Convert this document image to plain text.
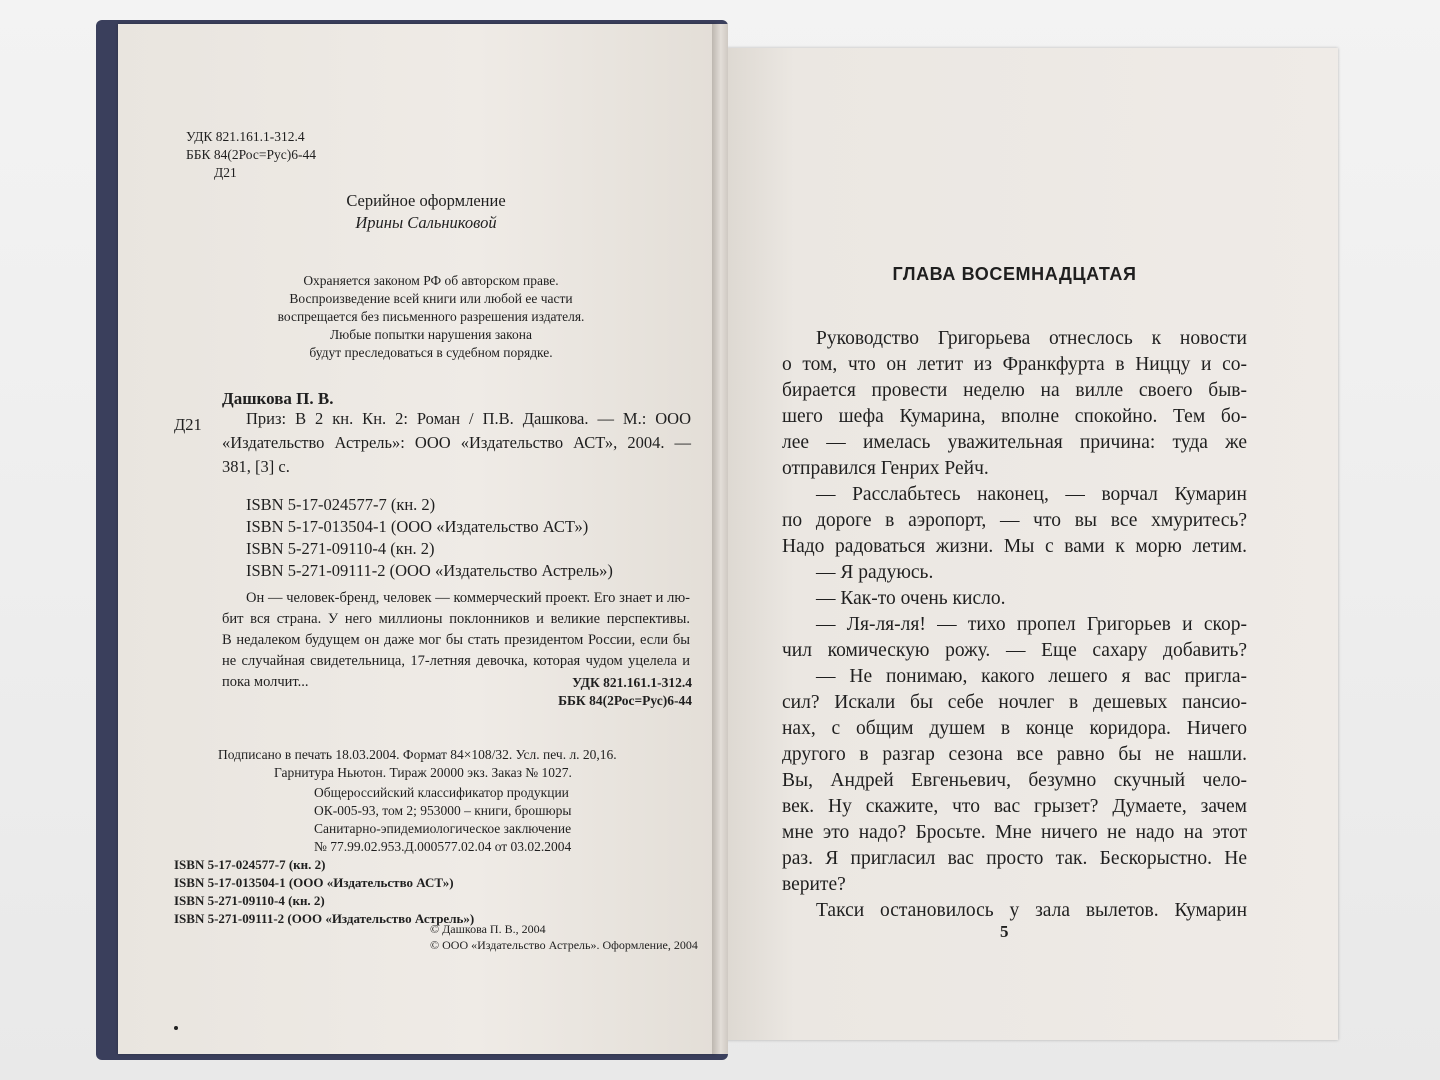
УДК 821.161.1-312.4
ББК 84(2Рос=Рус)6-44
Д21
Серийное оформление
Ирины Сальниковой
Охраняется законом РФ об авторском праве.
Воспроизведение всей книги или любой ее части
воспрещается без письменного разрешения издателя.
Любые попытки нарушения закона
будут преследоваться в судебном порядке.
Дашкова П. В.
Д21	Приз: В 2 кн. Кн. 2: Роман / П.В. Дашкова. — М.: ООО
«Издательство Астрель»: ООО «Издательство АСТ», 2004. —
381, [3] с.
ISBN 5-17-024577-7 (кн. 2)
ISBN 5-17-013504-1 (ООО «Издательство АСТ»)
ISBN 5-271-09110-4 (кн. 2)
ISBN 5-271-09111-2 (ООО «Издательство Астрель»)
Он — человек-бренд, человек — коммерческий проект. Его знает и лю-
бит вся страна. У него миллионы поклонников и великие перспективы.
В недалеком будущем он даже мог бы стать президентом России, если бы
не случайная свидетельница, 17-летняя девочка, которая чудом уцелела и
пока молчит...	УДК 821.161.1-312.4
ББК 84(2Рос=Рус)6-44
Подписано в печать 18.03.2004. Формат 84×108/32. Усл. печ. л. 20,16.
Гарнитура Ньютон. Тираж 20000 экз. Заказ № 1027.
Общероссийский классификатор продукции
ОК-005-93, том 2; 953000 – книги, брошюры
Санитарно-эпидемиологическое заключение
№ 77.99.02.953.Д.000577.02.04 от 03.02.2004
ISBN 5-17-024577-7 (кн. 2)
ISBN 5-17-013504-1 (ООО «Издательство АСТ»)
ISBN 5-271-09110-4 (кн. 2)
ISBN 5-271-09111-2 (ООО «Издательство Астрель»)
© Дашкова П. В., 2004
© ООО «Издательство Астрель». Оформление, 2004
ГЛАВА ВОСЕМНАДЦАТАЯ
Руководство Григорьева отнеслось к новости
о том, что он летит из Франкфурта в Ниццу и со-
бирается провести неделю на вилле своего быв-
шего шефа Кумарина, вполне спокойно. Тем бо-
лее — имелась уважительная причина: туда же
отправился Генрих Рейч.
— Расслабьтесь наконец, — ворчал Кумарин
по дороге в аэропорт, — что вы все хмуритесь?
Надо радоваться жизни. Мы с вами к морю летим.
— Я радуюсь.
— Как-то очень кисло.
— Ля-ля-ля! — тихо пропел Григорьев и скор-
чил комическую рожу. — Еще сахару добавить?
— Не понимаю, какого лешего я вас пригла-
сил? Искали бы себе ночлег в дешевых пансио-
нах, с общим душем в конце коридора. Ничего
другого в разгар сезона все равно бы не нашли.
Вы, Андрей Евгеньевич, безумно скучный чело-
век. Ну скажите, что вас грызет? Думаете, зачем
мне это надо? Бросьте. Мне ничего не надо на этот
раз. Я пригласил вас просто так. Бескорыстно. Не
верите?
Такси остановилось у зала вылетов. Кумарин
5
